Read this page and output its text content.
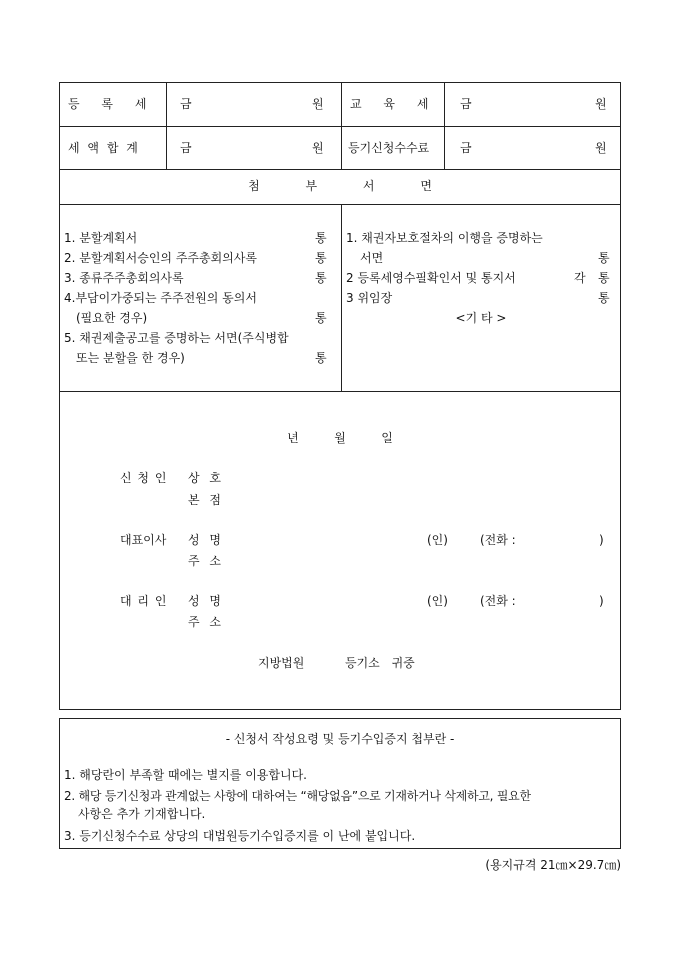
등 록 세	금	원 교 육 세	금	원
세 액 합 계	금	원 등기신청수수료	금	원
첨 부 서 면
1. 분할계획서	통
2. 분할계획서승인의 주주총회의사록	통
3. 종류주주총회의사록	통
4.부담이가중되는 주주전원의 동의서
(필요한 경우)	통
5. 채권제출공고를 증명하는 서면(주식병합
또는 분할을 한 경우)	통
1. 채권자보호절차의 이행을 증명하는
서면	통
2 등록세영수필확인서 및 통지서	각 통
3 위임장	통
<기 타 >
년   월   일
신 청 인 상 호
본 점
대표이사 성 명	(인)	(전화 :	)
주 소
대 리 인 성 명	(인)	(전화 :	)
주 소
지방법원	등기소 귀중
- 신청서 작성요령 및 등기수입증지 첩부란 -
1. 해당란이 부족할 때에는 별지를 이용합니다.
2. 해당 등기신청과 관계없는 사항에 대하여는 “해당없음”으로 기재하거나 삭제하고, 필요한
사항은 추가 기재합니다.
3. 등기신청수수료 상당의 대법원등기수입증지를 이 난에 붙입니다.
(용지규격 21㎝×29.7㎝)
